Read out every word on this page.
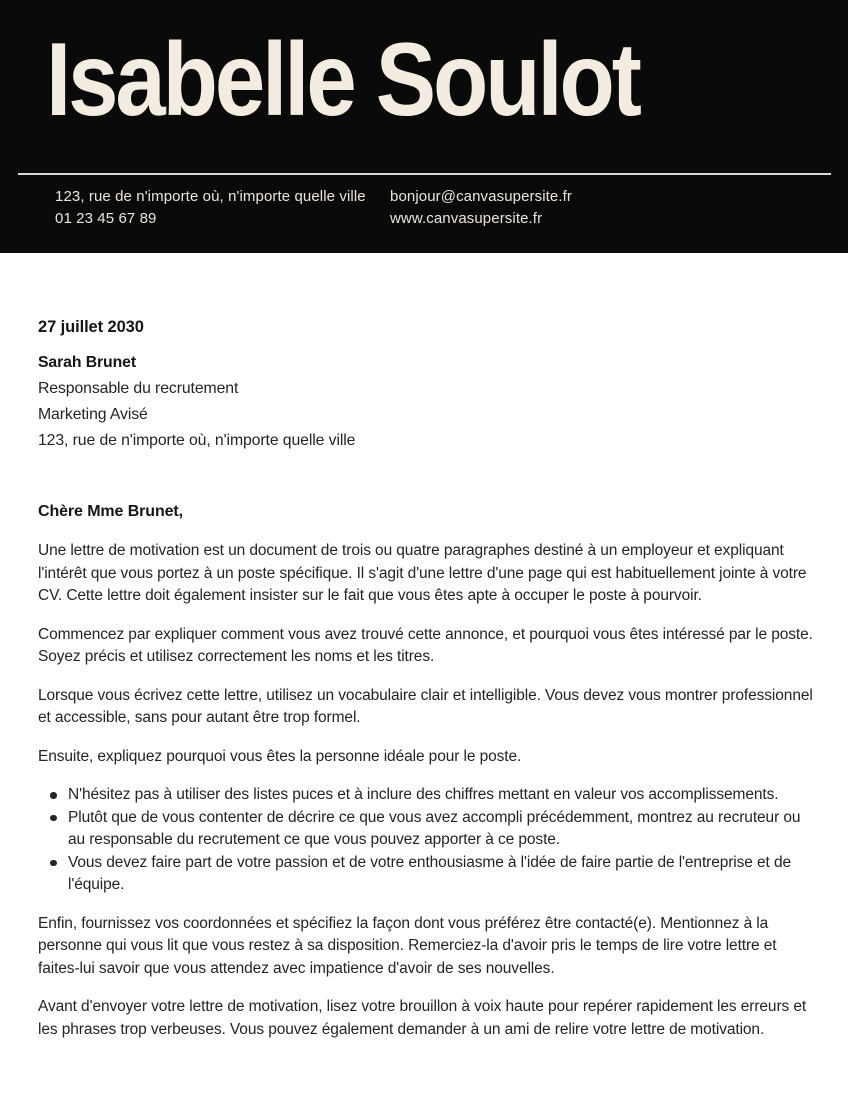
Isabelle Soulot
123, rue de n'importe où, n'importe quelle ville
01 23 45 67 89
bonjour@canvasupersite.fr
www.canvasupersite.fr
27 juillet 2030
Sarah Brunet
Responsable du recrutement
Marketing Avisé
123, rue de n'importe où, n'importe quelle ville
Chère Mme Brunet,

Une lettre de motivation est un document de trois ou quatre paragraphes destiné à un employeur et expliquant l'intérêt que vous portez à un poste spécifique. Il s'agit d'une lettre d'une page qui est habituellement jointe à votre CV. Cette lettre doit également insister sur le fait que vous êtes apte à occuper le poste à pourvoir.

Commencez par expliquer comment vous avez trouvé cette annonce, et pourquoi vous êtes intéressé par le poste. Soyez précis et utilisez correctement les noms et les titres.

Lorsque vous écrivez cette lettre, utilisez un vocabulaire clair et intelligible. Vous devez vous montrer professionnel et accessible, sans pour autant être trop formel.

Ensuite, expliquez pourquoi vous êtes la personne idéale pour le poste.

N'hésitez pas à utiliser des listes puces et à inclure des chiffres mettant en valeur vos accomplissements.
Plutôt que de vous contenter de décrire ce que vous avez accompli précédemment, montrez au recruteur ou au responsable du recrutement ce que vous pouvez apporter à ce poste.
Vous devez faire part de votre passion et de votre enthousiasme à l'idée de faire partie de l'entreprise et de l'équipe.

Enfin, fournissez vos coordonnées et spécifiez la façon dont vous préférez être contacté(e). Mentionnez à la personne qui vous lit que vous restez à sa disposition. Remerciez-la d'avoir pris le temps de lire votre lettre et faites-lui savoir que vous attendez avec impatience d'avoir de ses nouvelles.

Avant d'envoyer votre lettre de motivation, lisez votre brouillon à voix haute pour repérer rapidement les erreurs et les phrases trop verbeuses. Vous pouvez également demander à un ami de relire votre lettre de motivation.
